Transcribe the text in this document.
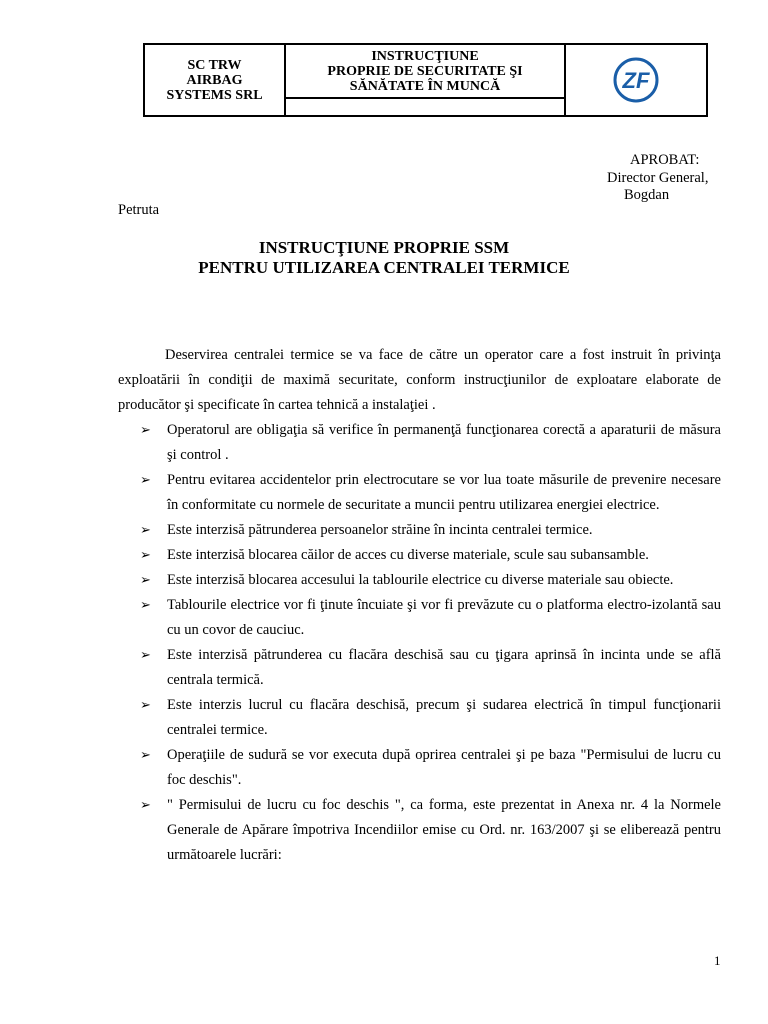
SC TRW
AIRBAG
SYSTEMS SRL

INSTRUCŢIUNE
PROPRIE DE SECURITATE ŞI
SĂNĂTATE ÎN MUNCĂ	ZF

APROBAT:
Director General,
Bogdan
Petruta
INSTRUCŢIUNE PROPRIE SSM
PENTRU UTILIZAREA CENTRALEI TERMICE

Deservirea centralei termice se va face de către un operator care a fost instruit în privinţa exploatării în condiţii de maximă securitate, conform instrucţiunilor de exploatare elaborate de producător şi specificate în cartea tehnică a instalaţiei .

➢ Operatorul are obligaţia să verifice în permanenţă funcţionarea corectă a aparaturii de măsura şi control .
➢ Pentru evitarea accidentelor prin electrocutare se vor lua toate măsurile de prevenire necesare în conformitate cu normele de securitate a muncii pentru utilizarea energiei electrice.
➢ Este interzisă pătrunderea persoanelor străine în incinta centralei termice.
➢ Este interzisă blocarea căilor de acces cu diverse materiale, scule sau subansamble.
➢ Este interzisă blocarea accesului la tablourile electrice cu diverse materiale sau obiecte.
➢ Tablourile electrice vor fi ţinute încuiate şi vor fi prevăzute cu o platforma electro-izolantă sau cu un covor de cauciuc.
➢ Este interzisă pătrunderea cu flacăra deschisă sau cu ţigara aprinsă în incinta unde se află centrala termică.
➢ Este interzis lucrul cu flacăra deschisă, precum şi sudarea electrică în timpul funcţionarii centralei termice.
➢ Operaţiile de sudură se vor executa după oprirea centralei şi pe baza "Permisului de lucru cu foc deschis".
➢ " Permisului de lucru cu foc deschis ", ca forma, este prezentat in Anexa nr. 4 la Normele Generale de Apărare împotriva Incendiilor emise cu Ord. nr. 163/2007 şi se eliberează pentru următoarele lucrări:
1
